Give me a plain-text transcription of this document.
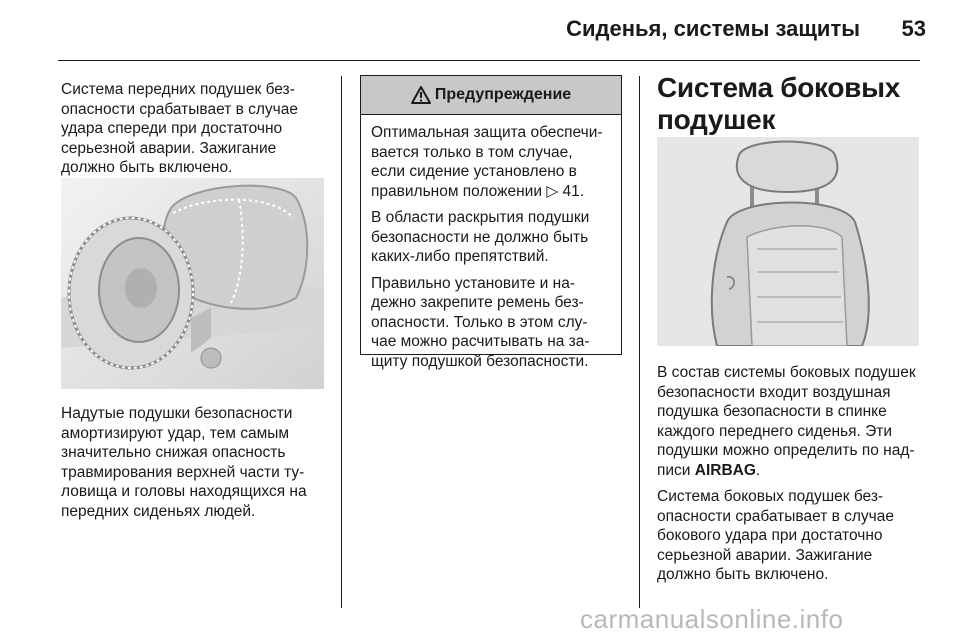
Сиденья, системы защиты	53

Система передних подушек без-
опасности срабатывает в случае
удара спереди при достаточно
серьезной аварии. Зажигание
должно быть включено.

Надутые подушки безопасности
амортизируют удар, тем самым
значительно снижая опасность
травмирования верхней части ту-
ловища и головы находящихся на
передних сиденьях людей.

Предупреждение

Оптимальная защита обеспечи-
вается только в том случае,
если сидение установлено в
правильном положении ▷ 41.

В области раскрытия подушки
безопасности не должно быть
каких-либо препятствий.

Правильно установите и на-
дежно закрепите ремень без-
опасности. Только в этом слу-
чае можно расчитывать на за-
щиту подушкой безопасности.

Система боковых
подушек

В состав системы боковых подушек
безопасности входит воздушная
подушка безопасности в спинке
каждого переднего сиденья. Эти
подушки можно определить по над-
писи AIRBAG.

Система боковых подушек без-
опасности срабатывает в случае
бокового удара при достаточно
серьезной аварии. Зажигание
должно быть включено.

carmanualsonline.info
